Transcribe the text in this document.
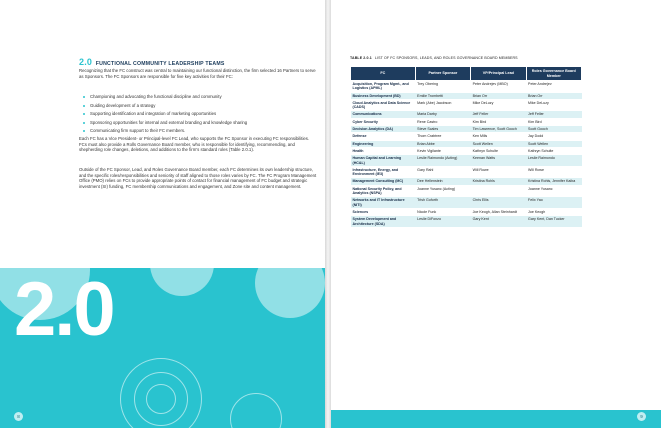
2.0 FUNCTIONAL COMMUNITY LEADERSHIP TEAMS

Recognizing that the FC construct was central to maintaining our functional distinction, the firm selected 16 Partners to serve as Sponsors. The FC Sponsors are responsible for five key activities for their FC:

Championing and advocating the functional discipline and community
Guiding development of a strategy
Supporting identification and integration of marketing opportunities
Sponsoring opportunities for internal and external branding and knowledge sharing
Communicating firm support to their FC members.

Each FC has a Vice President- or Principal-level FC Lead, who supports the FC Sponsor in executing FC responsibilities. FCs must also provide a Rolls Governance Board member, who is responsible for identifying, recommending, and shepherding role changes, deletions, and additions to the firm's standard roles (Table 2.0.1).

Outside of the FC Sponsor, Lead, and Roles Governance Board member, each FC determines its own leadership structure, and the specific roles/responsibilities and seniority of staff aligned to those roles varies by FC. The FC Program Management Office (PMO) relies on FCs to provide appropriate points of contact for financial management of FC budget and strategic investment (SI) funding, FC membership communications and engagement, and Zone site and content management.

2.0
8
TABLE 2.0.1 LIST OF FC SPONSORS, LEADS, AND ROLES GOVERNANCE BOARD MEMBERS
FC	Partner Sponsor	VP/Principal Lead	Roles Governance Board Member
Acquisition, Program Mgmt., and Logistics (APML)	Trey Obering	Peter Andrejev (MBO)	Peter Andrejev
Business Development (BD)	Emilie Trombetti	Brian Orr	Brian Orr
Cloud Analytics and Data Science (CADS)	Mark (Abe) Jacobson	Mike DeLuzy	Mike DeLuzy
Communications	Maria Darby	Jeff Feller	Jeff Feller
Cyber Security	Rene Castro	Kim Bird	Kim Bird
Decision Analytics (DA)	Steve Scales	Tim Lawrence, Scott Gooch	Scott Gooch
Defense	Thom Crabtree	Ken Mills	Jay Dodd
Engineering	Brian Abbe	Scott Wellen	Scott Wellen
Health	Kevin Vigilante	Kathryn Schulte	Kathryn Schulte
Human Capital and Learning (HC&L)	Leslie Raimondo (Acting)	Keenan Watts	Leslie Raimondo
Infrastructure, Energy, and Environment (IE3)	Gary Rahl	Will Rowe	Will Rowe
Management Consulting (MC)	Dee Hellenstein	Kristina Rohls	Kristina Rohls, Jennifer Kaiba
National Security Policy, and Analytics (NSPA)	Joanne Yusanc (Acting)		Joanne Yusanc
Networks and IT Infrastructure (NITI)	Trish Goforth	Chris Ellis	Felix Yao
Sciences	Nicole Funk	Joe Keogh, Allan Steinhardt	Joe Keogh
System Development and Architecture (SDA)	Leslie DiFonzo	Gary Kent	Gary Kent, Dan Tucker
9
